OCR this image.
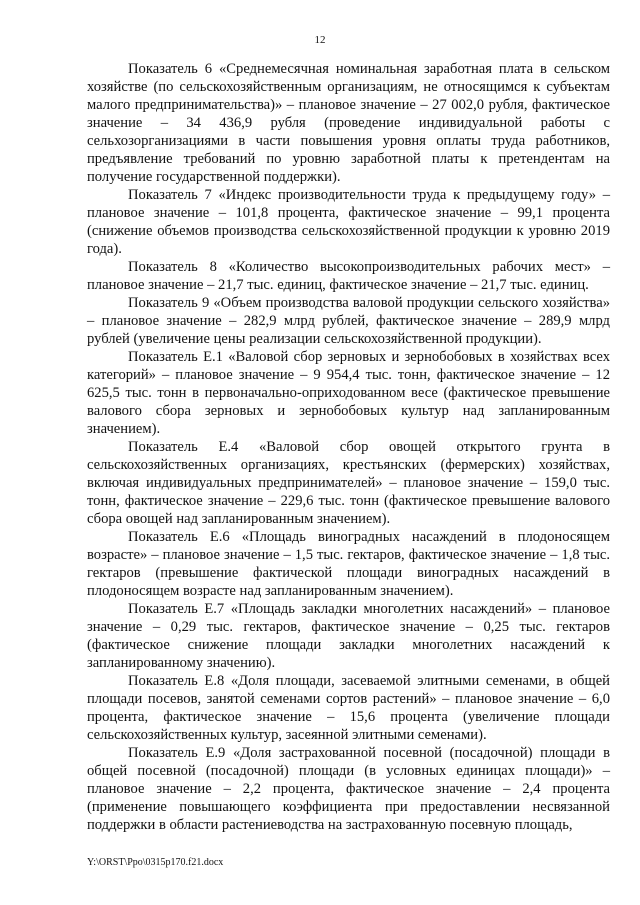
12

Показатель 6 «Среднемесячная номинальная заработная плата в сельском хозяйстве (по сельскохозяйственным организациям, не относящимся к субъектам малого предпринимательства)» – плановое значение – 27 002,0 рубля, фактическое значение – 34 436,9 рубля (проведение индивидуальной работы с сельхозорганизациями в части повышения уровня оплаты труда работников, предъявление требований по уровню заработной платы к претендентам на получение государственной поддержки).

Показатель 7 «Индекс производительности труда к предыдущему году» – плановое значение – 101,8 процента, фактическое значение – 99,1 процента (снижение объемов производства сельскохозяйственной продукции к уровню 2019 года).

Показатель 8 «Количество высокопроизводительных рабочих мест» – плановое значение – 21,7 тыс. единиц, фактическое значение – 21,7 тыс. единиц.

Показатель 9 «Объем производства валовой продукции сельского хозяйства» – плановое значение – 282,9 млрд рублей, фактическое значение – 289,9 млрд рублей (увеличение цены реализации сельскохозяйственной продукции).

Показатель Е.1 «Валовой сбор зерновых и зернобобовых в хозяйствах всех категорий» – плановое значение – 9 954,4 тыс. тонн, фактическое значение – 12 625,5 тыс. тонн в первоначально-оприходованном весе (фактическое превышение валового сбора зерновых и зернобобовых культур над запланированным значением).

Показатель Е.4 «Валовой сбор овощей открытого грунта в сельскохозяйственных организациях, крестьянских (фермерских) хозяйствах, включая индивидуальных предпринимателей» – плановое значение – 159,0 тыс. тонн, фактическое значение – 229,6 тыс. тонн (фактическое превышение валового сбора овощей над запланированным значением).

Показатель Е.6 «Площадь виноградных насаждений в плодоносящем возрасте» – плановое значение – 1,5 тыс. гектаров, фактическое значение – 1,8 тыс. гектаров (превышение фактической площади виноградных насаждений в плодоносящем возрасте над запланированным значением).

Показатель Е.7 «Площадь закладки многолетних насаждений» – плановое значение – 0,29 тыс. гектаров, фактическое значение – 0,25 тыс. гектаров (фактическое снижение площади закладки многолетних насаждений к запланированному значению).

Показатель Е.8 «Доля площади, засеваемой элитными семенами, в общей площади посевов, занятой семенами сортов растений» – плановое значение – 6,0 процента, фактическое значение – 15,6 процента (увеличение площади сельскохозяйственных культур, засеянной элитными семенами).

Показатель Е.9 «Доля застрахованной посевной (посадочной) площади в общей посевной (посадочной) площади (в условных единицах площади)» – плановое значение – 2,2 процента, фактическое значение – 2,4 процента (применение повышающего коэффициента при предоставлении несвязанной поддержки в области растениеводства на застрахованную посевную площадь,

Y:\ORST\Ppo\0315p170.f21.docx
